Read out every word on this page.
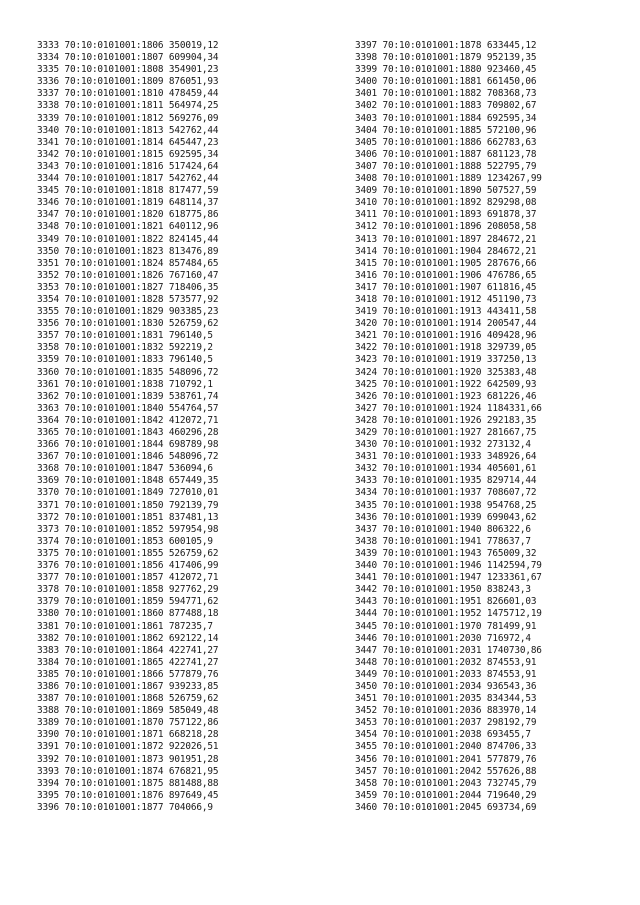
3333 70:10:0101001:1806 350019,12
3334 70:10:0101001:1807 609904,34
3335 70:10:0101001:1808 354901,23
3336 70:10:0101001:1809 876051,93
3337 70:10:0101001:1810 478459,44
3338 70:10:0101001:1811 564974,25
3339 70:10:0101001:1812 569276,09
3340 70:10:0101001:1813 542762,44
3341 70:10:0101001:1814 645447,23
3342 70:10:0101001:1815 692595,34
3343 70:10:0101001:1816 517424,64
3344 70:10:0101001:1817 542762,44
3345 70:10:0101001:1818 817477,59
3346 70:10:0101001:1819 648114,37
3347 70:10:0101001:1820 618775,86
3348 70:10:0101001:1821 640112,96
3349 70:10:0101001:1822 824145,44
3350 70:10:0101001:1823 813476,89
3351 70:10:0101001:1824 857484,65
3352 70:10:0101001:1826 767160,47
3353 70:10:0101001:1827 718406,35
3354 70:10:0101001:1828 573577,92
3355 70:10:0101001:1829 903385,23
3356 70:10:0101001:1830 526759,62
3357 70:10:0101001:1831 796140,5
3358 70:10:0101001:1832 592219,2
3359 70:10:0101001:1833 796140,5
3360 70:10:0101001:1835 548096,72
3361 70:10:0101001:1838 710792,1
3362 70:10:0101001:1839 538761,74
3363 70:10:0101001:1840 554764,57
3364 70:10:0101001:1842 412072,71
3365 70:10:0101001:1843 460296,28
3366 70:10:0101001:1844 698789,98
3367 70:10:0101001:1846 548096,72
3368 70:10:0101001:1847 536094,6
3369 70:10:0101001:1848 657449,35
3370 70:10:0101001:1849 727010,01
3371 70:10:0101001:1850 792139,79
3372 70:10:0101001:1851 837481,13
3373 70:10:0101001:1852 597954,98
3374 70:10:0101001:1853 600105,9
3375 70:10:0101001:1855 526759,62
3376 70:10:0101001:1856 417406,99
3377 70:10:0101001:1857 412072,71
3378 70:10:0101001:1858 927762,29
3379 70:10:0101001:1859 594771,62
3380 70:10:0101001:1860 877488,18
3381 70:10:0101001:1861 787235,7
3382 70:10:0101001:1862 692122,14
3383 70:10:0101001:1864 422741,27
3384 70:10:0101001:1865 422741,27
3385 70:10:0101001:1866 577879,76
3386 70:10:0101001:1867 939233,85
3387 70:10:0101001:1868 526759,62
3388 70:10:0101001:1869 585049,48
3389 70:10:0101001:1870 757122,86
3390 70:10:0101001:1871 668218,28
3391 70:10:0101001:1872 922026,51
3392 70:10:0101001:1873 901951,28
3393 70:10:0101001:1874 676821,95
3394 70:10:0101001:1875 881488,88
3395 70:10:0101001:1876 897649,45
3396 70:10:0101001:1877 704066,9
3397 70:10:0101001:1878 633445,12
3398 70:10:0101001:1879 952139,35
3399 70:10:0101001:1880 923460,45
3400 70:10:0101001:1881 661450,06
3401 70:10:0101001:1882 708368,73
3402 70:10:0101001:1883 709802,67
3403 70:10:0101001:1884 692595,34
3404 70:10:0101001:1885 572100,96
3405 70:10:0101001:1886 662783,63
3406 70:10:0101001:1887 681123,78
3407 70:10:0101001:1888 522795,79
3408 70:10:0101001:1889 1234267,99
3409 70:10:0101001:1890 507527,59
3410 70:10:0101001:1892 829298,08
3411 70:10:0101001:1893 691878,37
3412 70:10:0101001:1896 208058,58
3413 70:10:0101001:1897 284672,21
3414 70:10:0101001:1904 284672,21
3415 70:10:0101001:1905 287676,66
3416 70:10:0101001:1906 476786,65
3417 70:10:0101001:1907 611816,45
3418 70:10:0101001:1912 451190,73
3419 70:10:0101001:1913 443411,58
3420 70:10:0101001:1914 200547,44
3421 70:10:0101001:1916 409428,96
3422 70:10:0101001:1918 329739,05
3423 70:10:0101001:1919 337250,13
3424 70:10:0101001:1920 325383,48
3425 70:10:0101001:1922 642509,93
3426 70:10:0101001:1923 681226,46
3427 70:10:0101001:1924 1184331,66
3428 70:10:0101001:1926 292183,35
3429 70:10:0101001:1927 281667,75
3430 70:10:0101001:1932 273132,4
3431 70:10:0101001:1933 348926,64
3432 70:10:0101001:1934 405601,61
3433 70:10:0101001:1935 829714,44
3434 70:10:0101001:1937 708607,72
3435 70:10:0101001:1938 954768,25
3436 70:10:0101001:1939 699043,62
3437 70:10:0101001:1940 806322,6
3438 70:10:0101001:1941 778637,7
3439 70:10:0101001:1943 765009,32
3440 70:10:0101001:1946 1142594,79
3441 70:10:0101001:1947 1233361,67
3442 70:10:0101001:1950 838243,3
3443 70:10:0101001:1951 826601,03
3444 70:10:0101001:1952 1475712,19
3445 70:10:0101001:1970 781499,91
3446 70:10:0101001:2030 716972,4
3447 70:10:0101001:2031 1740730,86
3448 70:10:0101001:2032 874553,91
3449 70:10:0101001:2033 874553,91
3450 70:10:0101001:2034 936543,36
3451 70:10:0101001:2035 834344,53
3452 70:10:0101001:2036 883970,14
3453 70:10:0101001:2037 298192,79
3454 70:10:0101001:2038 693455,7
3455 70:10:0101001:2040 874706,33
3456 70:10:0101001:2041 577879,76
3457 70:10:0101001:2042 557626,88
3458 70:10:0101001:2043 732745,79
3459 70:10:0101001:2044 719640,29
3460 70:10:0101001:2045 693734,69
